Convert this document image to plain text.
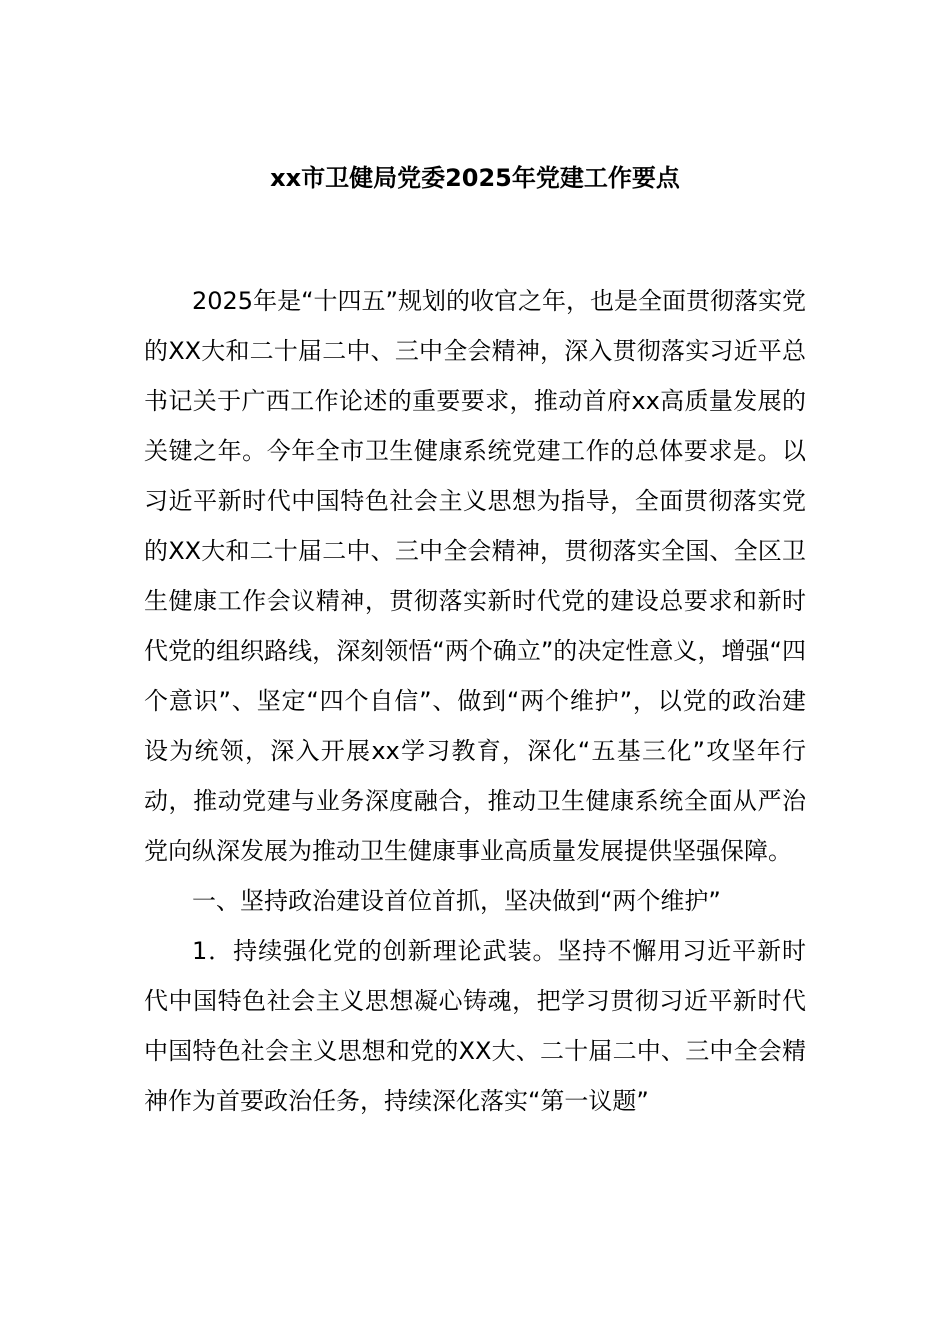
xx市卫健局党委2025年党建工作要点

2025年是“十四五”规划的收官之年，也是全面贯彻落实党的XX大和二十届二中、三中全会精神，深入贯彻落实习近平总书记关于广西工作论述的重要要求，推动首府xx高质量发展的关键之年。今年全市卫生健康系统党建工作的总体要求是。以习近平新时代中国特色社会主义思想为指导，全面贯彻落实党的XX大和二十届二中、三中全会精神，贯彻落实全国、全区卫生健康工作会议精神，贯彻落实新时代党的建设总要求和新时代党的组织路线，深刻领悟“两个确立”的决定性意义，增强“四个意识”、坚定“四个自信”、做到“两个维护”，以党的政治建设为统领，深入开展xx学习教育，深化“五基三化”攻坚年行动，推动党建与业务深度融合，推动卫生健康系统全面从严治党向纵深发展为推动卫生健康事业高质量发展提供坚强保障。

一、坚持政治建设首位首抓，坚决做到“两个维护”

1．持续强化党的创新理论武装。坚持不懈用习近平新时代中国特色社会主义思想凝心铸魂，把学习贯彻习近平新时代中国特色社会主义思想和党的XX大、二十届二中、三中全会精神作为首要政治任务，持续深化落实“第一议题”
